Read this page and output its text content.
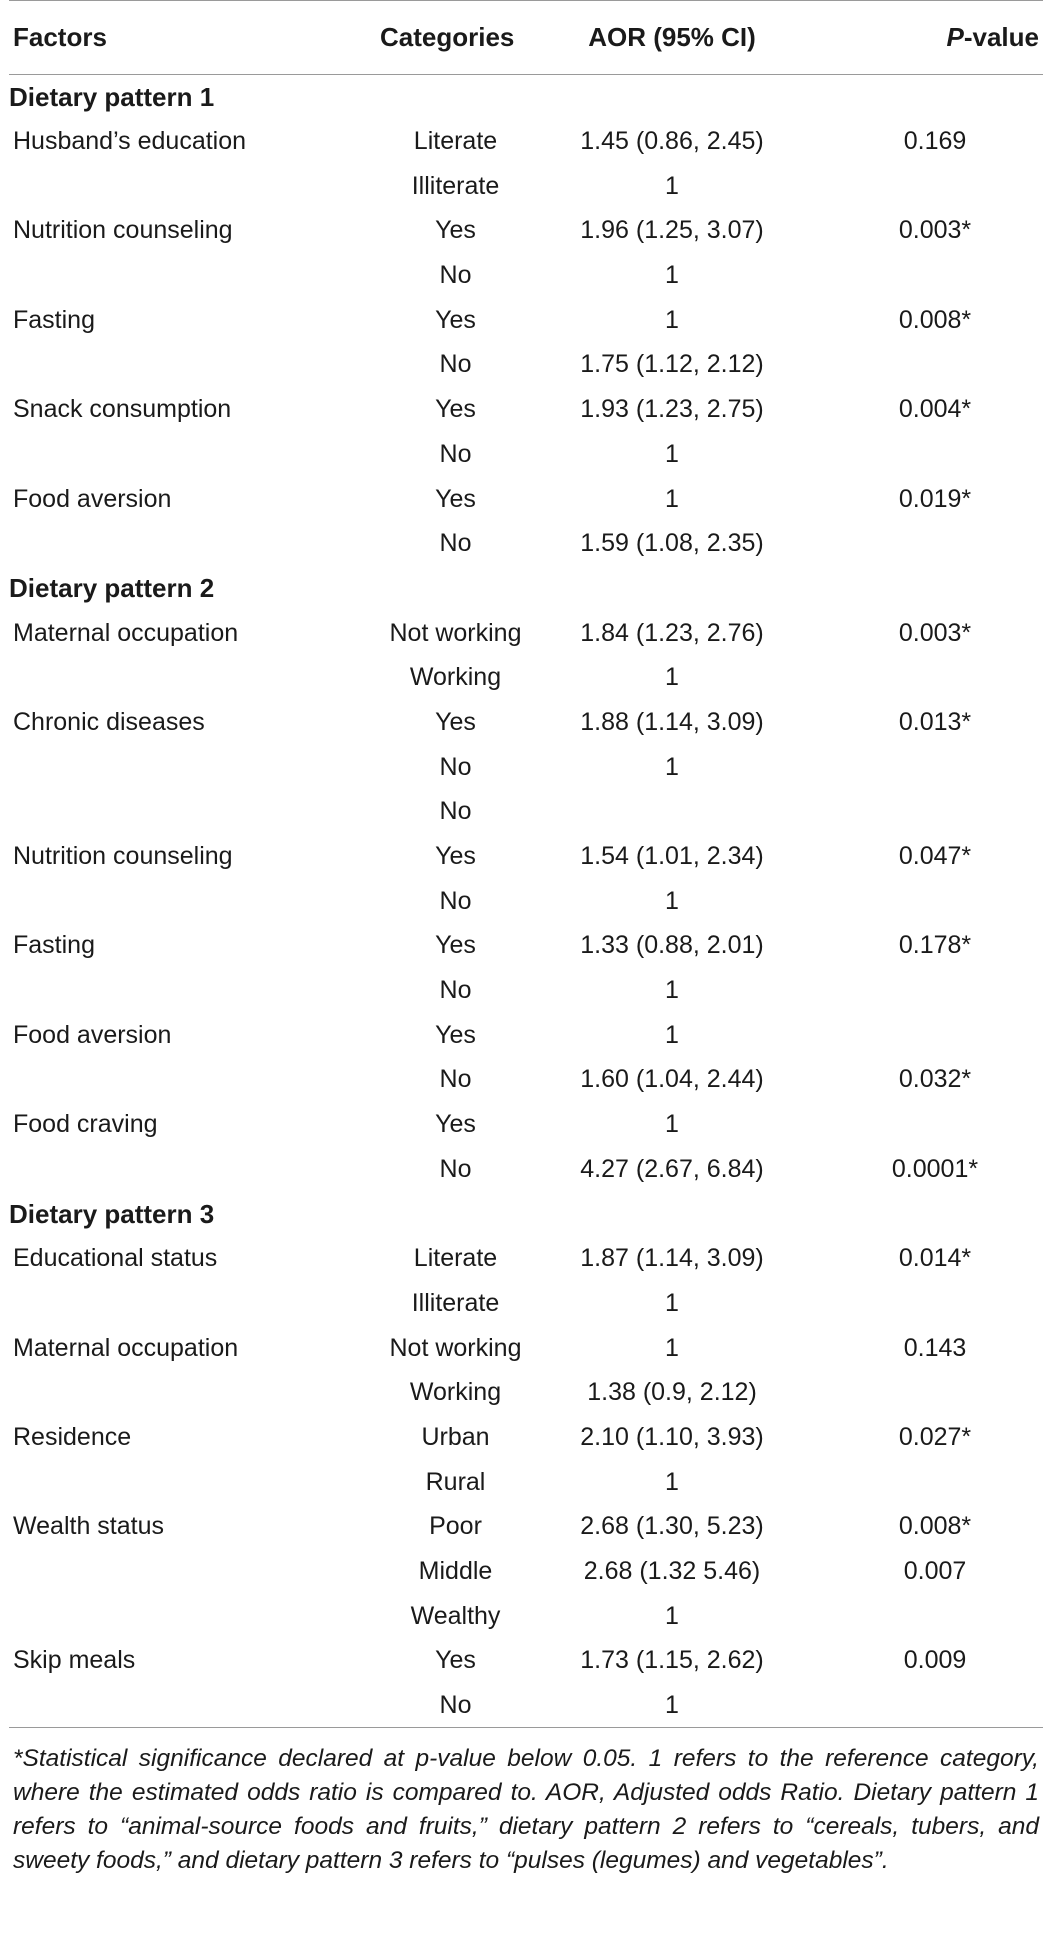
Factors	Categories	AOR (95% CI)	P-value
Dietary pattern 1			
Husband’s education	Literate	1.45 (0.86, 2.45)	0.169
	Illiterate	1	
Nutrition counseling	Yes	1.96 (1.25, 3.07)	0.003*
	No	1	
Fasting	Yes	1	0.008*
	No	1.75 (1.12, 2.12)	
Snack consumption	Yes	1.93 (1.23, 2.75)	0.004*
	No	1	
Food aversion	Yes	1	0.019*
	No	1.59 (1.08, 2.35)	
Dietary pattern 2			
Maternal occupation	Not working	1.84 (1.23, 2.76)	0.003*
	Working	1	
Chronic diseases	Yes	1.88 (1.14, 3.09)	0.013*
	No	1	
	No		
Nutrition counseling	Yes	1.54 (1.01, 2.34)	0.047*
	No	1	
Fasting	Yes	1.33 (0.88, 2.01)	0.178*
	No	1	
Food aversion	Yes	1	
	No	1.60 (1.04, 2.44)	0.032*
Food craving	Yes	1	
	No	4.27 (2.67, 6.84)	0.0001*
Dietary pattern 3			
Educational status	Literate	1.87 (1.14, 3.09)	0.014*
	Illiterate	1	
Maternal occupation	Not working	1	0.143
	Working	1.38 (0.9, 2.12)	
Residence	Urban	2.10 (1.10, 3.93)	0.027*
	Rural	1	
Wealth status	Poor	2.68 (1.30, 5.23)	0.008*
	Middle	2.68 (1.32 5.46)	0.007
	Wealthy	1	
Skip meals	Yes	1.73 (1.15, 2.62)	0.009
	No	1	
*Statistical significance declared at p-value below 0.05. 1 refers to the reference category, where the estimated odds ratio is compared to. AOR, Adjusted odds Ratio. Dietary pattern 1 refers to “animal-source foods and fruits,” dietary pattern 2 refers to “cereals, tubers, and sweety foods,” and dietary pattern 3 refers to “pulses (legumes) and vegetables”.
